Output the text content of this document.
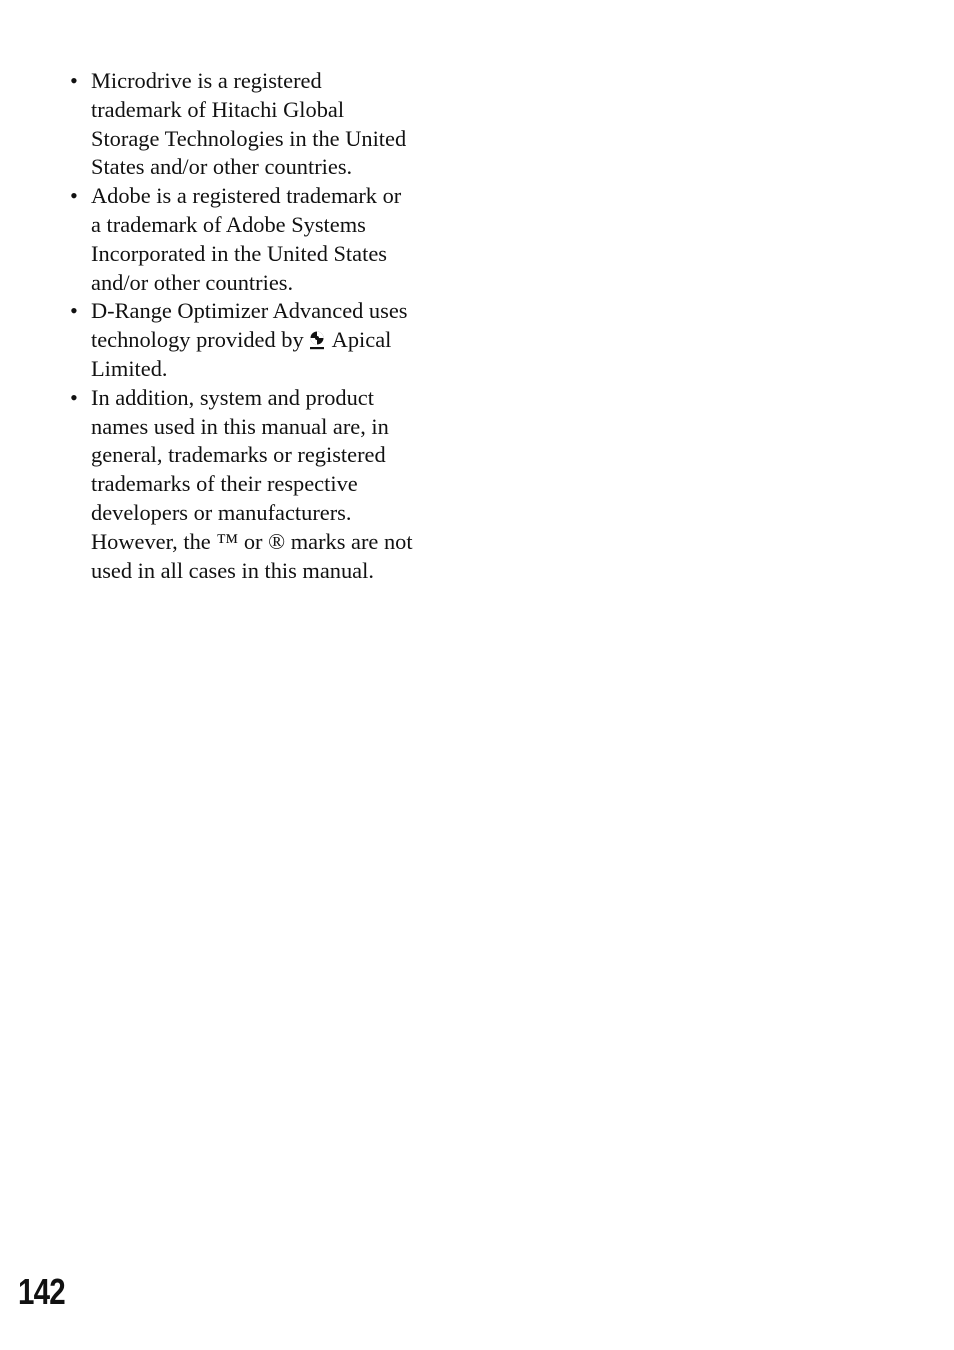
• Microdrive is a registered
trademark of Hitachi Global
Storage Technologies in the United
States and/or other countries.
• Adobe is a registered trademark or
a trademark of Adobe Systems
Incorporated in the United States
and/or other countries.
• D-Range Optimizer Advanced uses
technology provided by Apical
Limited.
• In addition, system and product
names used in this manual are, in
general, trademarks or registered
trademarks of their respective
developers or manufacturers.
However, the ™ or ® marks are not
used in all cases in this manual.
142
